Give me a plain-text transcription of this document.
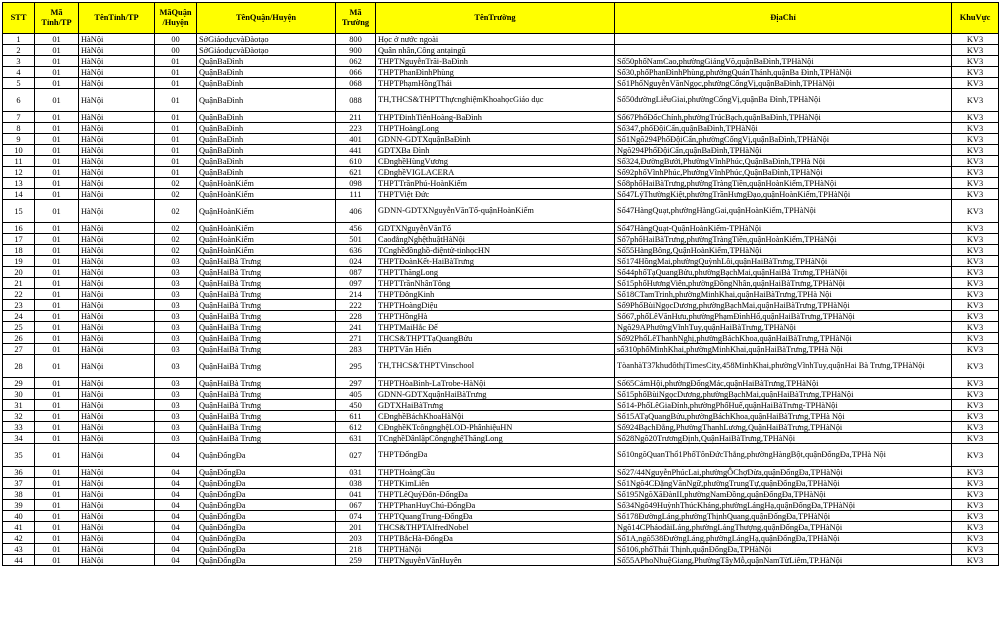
STT	Mã Tỉnh/TP	TênTỉnh/TP	MãQuận /Huyện	TênQuận/Huyện	Mã Trường	TênTrường	ĐịaChỉ	KhuVực
1	01	HàNội	00	SởGiáodụcvàĐàotạo	800	Học ở nước ngoài		KV3
2	01	HàNội	00	SởGiáodụcvàĐàotạo	900	Quân nhân,Công antạingũ		KV3
3	01	HàNội	01	QuậnBaĐình	062	THPTNguyễnTrãi-BaĐình	Số50phốNamCao,phườngGiảngVõ,quậnBaĐình,TPHàNội	KV3
4	01	HàNội	01	QuậnBaĐình	066	THPTPhanĐìnhPhùng	Số30,phốPhanĐìnhPhùng,phườngQuánThánh,quậnBa Đình,TPHàNội	KV3
5	01	HàNội	01	QuậnBaĐình	068	THPTPhạmHồngThái	Số1PhốNguyễnVănNgọc,phườngCốngVị,quậnBaĐình,TPHàNội	KV3
6	01	HàNội	01	QuậnBaĐình	088	TH,THCS&THPTThựcnghiệmKhoahọcGiáo dục	Số50đườngLiễuGiai,phườngCốngVị,quậnBa Đình,TPHàNội	KV3
7	01	HàNội	01	QuậnBaĐình	211	THPTĐinhTiênHoàng-BaĐình	Số67PhốĐốcChính,phườngTrúcBạch,quậnBaĐình,TPHàNội	KV3
8	01	HàNội	01	QuậnBaĐình	223	THPTHoàngLong	Số347,phốĐộiCấn,quậnBaĐình,TPHàNội	KV3
9	01	HàNội	01	QuậnBaĐình	401	GDNN-GDTXquậnBaĐình	Số1Ngõ294PhốĐộiCấn,phườngCốngVị,quậnBaĐình,TPHàNội	KV3
10	01	HàNội	01	QuậnBaĐình	441	GDTXBa Đình	Ngõ294PhốĐộiCấn,quậnBaĐình,TPHàNội	KV3
11	01	HàNội	01	QuậnBaĐình	610	CĐnghềHùngVương	Số324,ĐườngBưởi,PhườngVĩnhPhúc,QuậnBaĐình,TPHà Nội	KV3
12	01	HàNội	01	QuậnBaĐình	621	CĐnghềVIGLACERA	Số92phốVĩnhPhúc,PhườngVĩnhPhúc,QuậnBaĐình,TPHàNội	KV3
13	01	HàNội	02	QuậnHoànKiếm	098	THPTTrầnPhú-HoànKiếm	Số8phốHaiBàTrưng,phườngTràngTiền,quậnHoànKiếm,TPHàNội	KV3
14	01	HàNội	02	QuậnHoànKiếm	111	THPTViệt Đức	Số47LýThườngKiệt,phườngTrầnHưngĐạo,quậnHoànKiếm,TPHàNội	KV3
15	01	HàNội	02	QuậnHoànKiếm	406	GDNN-GDTXNguyễnVănTố-quậnHoànKiếm	Số47HàngQuạt,phườngHàngGai,quậnHoànKiếm,TPHàNội	KV3
16	01	HàNội	02	QuậnHoànKiếm	456	GDTXNguyễnVănTố	Số47HàngQuạt-QuậnHoànKiếm-TPHàNội	KV3
17	01	HàNội	02	QuậnHoànKiếm	501	CaođẳngNghệthuậtHàNội	Số7phốHaiBàTrưng,phườngTràngTiền,quậnHoànKiếm,TPHàNội	KV3
18	01	HàNội	02	QuậnHoànKiếm	636	TCnghềđồnghồ-điệntử-tinhọcHN	Số55HàngBông,QuậnHoànKiếm,TPHàNội	KV3
19	01	HàNội	03	QuậnHaiBà Trưng	024	THPTĐoànKết-HaiBàTrưng	Số174HồngMai,phườngQuỳnhLôi,quậnHaiBàTrưng,TPHàNội	KV3
20	01	HàNội	03	QuậnHaiBà Trưng	087	THPTThăngLong	Số44phốTạQuangBửu,phườngBạchMai,quậnHaiBà Trưng,TPHàNội	KV3
21	01	HàNội	03	QuậnHaiBà Trưng	097	THPTTrầnNhânTông	Số15phốHươngViên,phườngĐồngNhân,quậnHaiBàTrưng,TPHàNội	KV3
22	01	HàNội	03	QuậnHaiBà Trưng	214	THPTĐôngKinh	Số18CTamTrinh,phườngMinhKhai,quậnHaiBàTrưng,TPHà Nội	KV3
23	01	HàNội	03	QuậnHaiBà Trưng	222	THPTHoàngDiệu	Số9PhốBùiNgọcDương,phườngBạchMai,quậnHaiBàTrưng,TPHàNội	KV3
24	01	HàNội	03	QuậnHaiBà Trưng	228	THPTHồngHà	Số67,phốLêVănHưu,phườngPhạmĐìnhHổ,quậnHaiBàTrưng,TPHàNội	KV3
25	01	HàNội	03	QuậnHaiBà Trưng	241	THPTMaiHắc Đế	Ngõ29APhườngVĩnhTuy,quậnHaiBàTrưng,TPHàNội	KV3
26	01	HàNội	03	QuậnHaiBà Trưng	271	THCS&THPTTạQuangBửu	Số92PhốLêThanhNghị,phườngBáchKhoa,quậnHaiBàTrưng,TPHàNội	KV3
27	01	HàNội	03	QuậnHaiBà Trưng	283	THPTVăn Hiến	số310phốMinhKhai,phườngMinhKhai,quậnHaiBàTrưng,TPHà Nội	KV3
28	01	HàNội	03	QuậnHaiBà Trưng	295	TH,THCS&THPTVinschool	TòanhàT37khuđôthịTimesCity,458MinhKhai,phườngVĩnhTuy,quậnHai Bà Trưng,TPHàNội	KV3
29	01	HàNội	03	QuậnHaiBà Trưng	297	THPTHòaBình-LaTrobe-HàNội	Số65CảmHội,phườngĐốngMác,quậnHaiBàTrưng,TPHàNội	KV3
30	01	HàNội	03	QuậnHaiBà Trưng	405	GDNN-GDTXquậnHaiBàTrưng	Số15phốBùiNgọcDương,phườngBạchMai,quậnHaiBàTrưng,TPHàNội	KV3
31	01	HàNội	03	QuậnHaiBà Trưng	450	GDTXHaiBàTrưng	Số14-PhốLêGiaĐỉnh,phườngPhốHuế,quậnHaiBàTrưng-TPHàNội	KV3
32	01	HàNội	03	QuậnHaiBà Trưng	611	CĐnghềBáchKhoaHàNội	Số15ATạQuangBửu,phườngBáchKhoa,quậnHaiBàTrưng,TPHà Nội	KV3
33	01	HàNội	03	QuậnHaiBà Trưng	612	CĐnghềKTcôngnghệLOD-PhânhiệuHN	Số924BạchĐằng,PhườngThanhLương,QuậnHaiBàTrưng,TPHàNội	KV3
34	01	HàNội	03	QuậnHaiBà Trưng	631	TCnghềDânlậpCôngnghệThăngLong	Số28Ngõ20TrươngĐịnh,QuậnHaiBàTrưng,TPHàNội	KV3
35	01	HàNội	04	QuậnĐốngĐa	027	THPTĐốngĐa	Số10ngõQuanThổ1PhốTônĐứcThắng,phườngHàngBột,quậnĐốngĐa,TPHà Nội	KV3
36	01	HàNội	04	QuậnĐốngĐa	031	THPTHoàngCầu	Số27/44NguyễnPhúcLai,phườngÔChợDừa,quậnĐốngĐa,TPHàNội	KV3
37	01	HàNội	04	QuậnĐốngĐa	038	THPTKimLiên	Số1Ngõ4CĐặngVănNgữ,phườngTrungTự,quậnĐốngĐa,TPHàNội	KV3
38	01	HàNội	04	QuậnĐốngĐa	041	THPTLêQuýĐôn-ĐốngĐa	Số195NgõXãĐànII,phườngNamĐồng,quậnĐốngĐa,TPHàNội	KV3
39	01	HàNội	04	QuậnĐốngĐa	067	THPTPhanHuyChú-ĐốngĐa	Số34Ngõ49HuỳnhThúcKháng,phườngLángHạ,quậnĐốngĐa,TPHàNội	KV3
40	01	HàNội	04	QuậnĐốngĐa	074	THPTQuangTrung-ĐốngĐa	Số178ĐườngLáng,phườngThịnhQuang,quậnĐốngĐa,TPHàNội	KV3
41	01	HàNội	04	QuậnĐốngĐa	201	THCS&THPTAlfredNobel	Ngõ14CPháođàiLáng,phườngLángThượng,quậnĐốngĐa,TPHàNội	KV3
42	01	HàNội	04	QuậnĐốngĐa	203	THPTBắcHà-ĐốngĐa	Số1A,ngõ538ĐườngLáng,phườngLángHạ,quậnĐốngĐa,TPHàNội	KV3
43	01	HàNội	04	QuậnĐốngĐa	218	THPTHàNội	Số106,phốThái Thịnh,quậnĐốngĐa,TPHàNội	KV3
44	01	HàNội	04	QuậnĐốngĐa	259	THPTNguyễnVănHuyên	Số55APhoNhuệGiang,PhườngTâyMỗ,quậnNamTừLiêm,TP.HàNội	KV3
